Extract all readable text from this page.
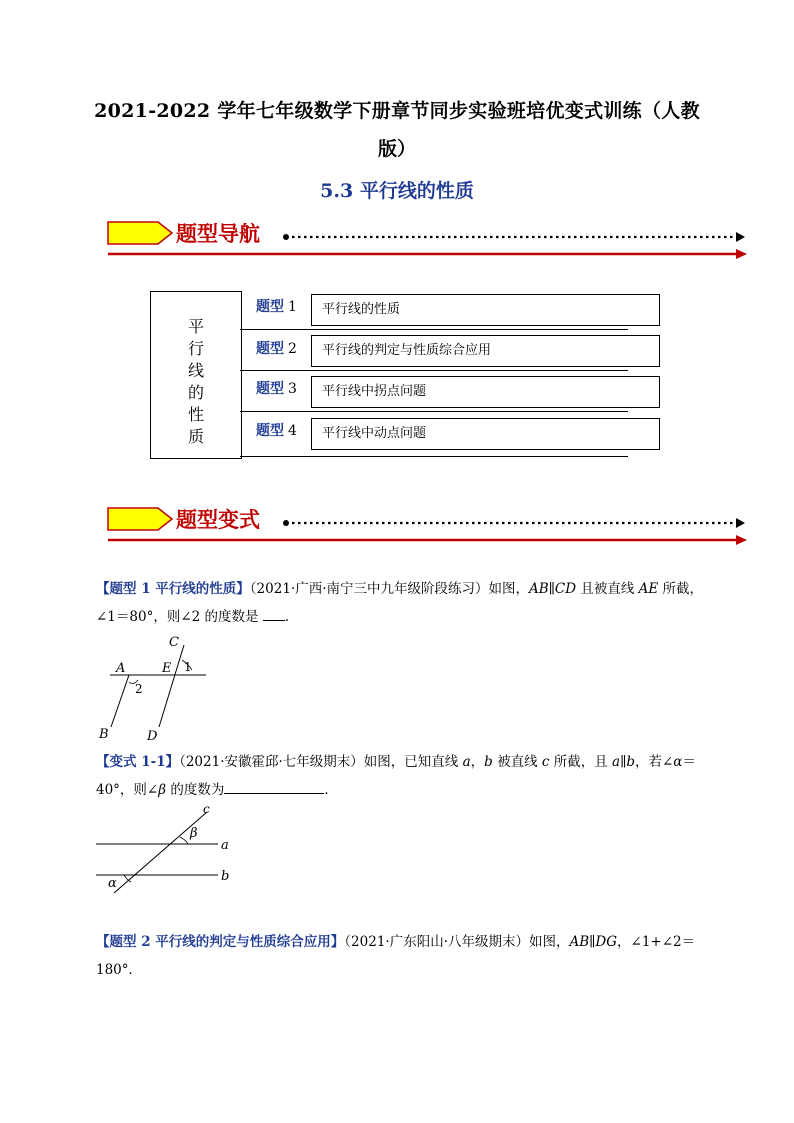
2021-2022 学年七年级数学下册章节同步实验班培优变式训练（人教
版）
5.3 平行线的性质
题型导航
平
行
线
的
性
质
题型 1	平行线的性质
题型 2	平行线的判定与性质综合应用
题型 3	平行线中拐点问题
题型 4	平行线中动点问题
题型变式
【题型 1 平行线的性质】（2021·广西·南宁三中九年级阶段练习）如图，AB∥CD 且被直线 AE 所截，
∠1＝80°，则∠2 的度数是 ．
C
A	E 1
2
B	D
【变式 1-1】（2021·安徽霍邱·七年级期末）如图，已知直线 a，b 被直线 c 所截，且 a∥b，若∠α＝
40°，则∠β 的度数为	．
c
β
a
b
α
【题型 2 平行线的判定与性质综合应用】（2021·广东阳山·八年级期末）如图，AB∥DG，∠1+∠2＝
180°．
